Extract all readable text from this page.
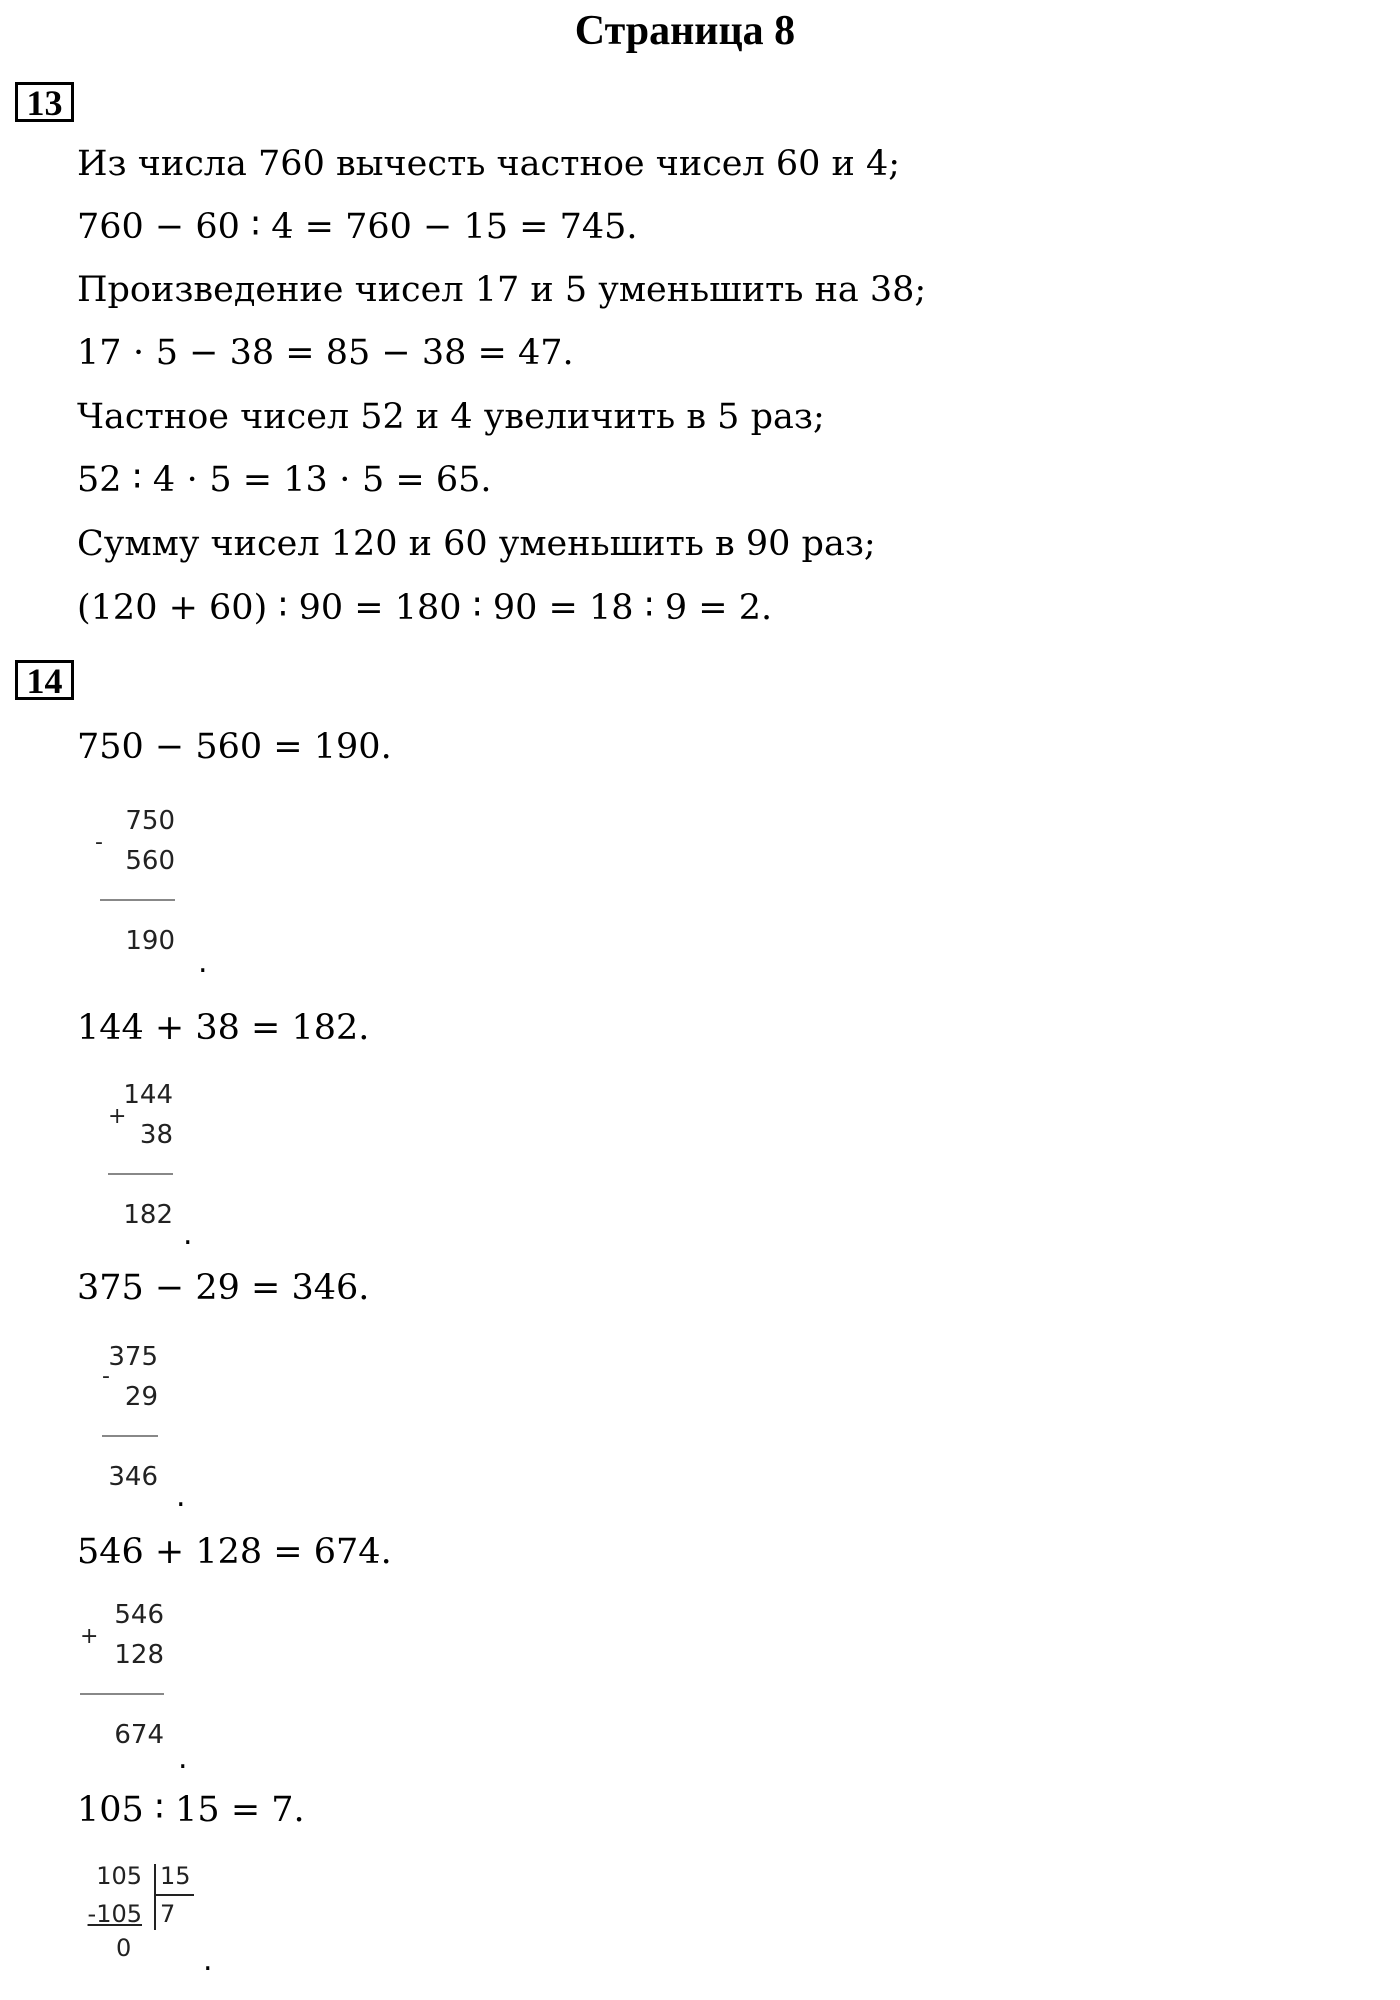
Страница 8
13
Из числа 760 вычесть частное чисел 60 и 4;
760 − 60 ∶ 4 = 760 − 15 = 745.
Произведение чисел 17 и 5 уменьшить на 38;
17 ⋅ 5 − 38 = 85 − 38 = 47.
Частное чисел 52 и 4 увеличить в 5 раз;
52 ∶ 4 ⋅ 5 = 13 ⋅ 5 = 65.
Сумму чисел 120 и 60 уменьшить в 90 раз;
(120 + 60) ∶ 90 = 180 ∶ 90 = 18 ∶ 9 = 2.
14
750 − 560 = 190.
750
-
560
190
.
144 + 38 = 182.
144
+
38
182
.
375 − 29 = 346.
375
-
29
346
.
546 + 128 = 674.
546
+
128
674
.
105 ∶ 15 = 7.
105 15
-105 7
0 .
